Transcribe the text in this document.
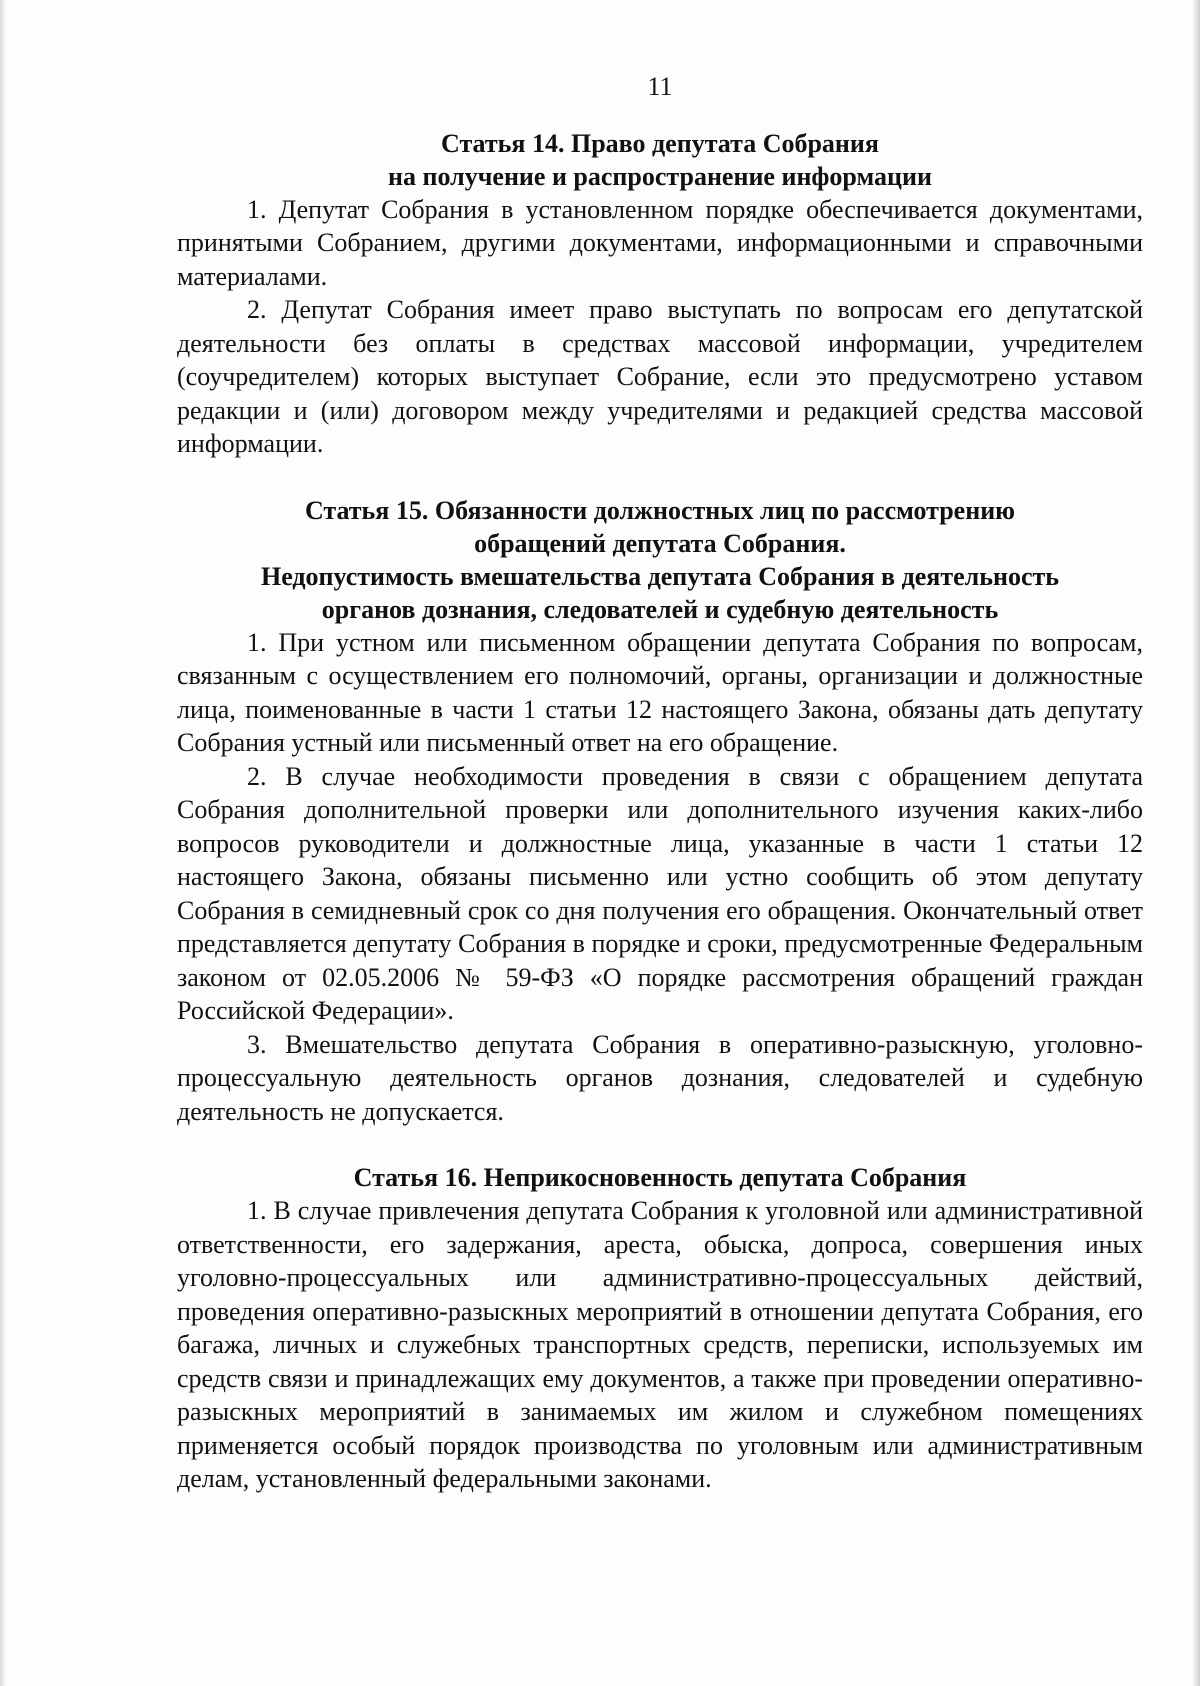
11

Статья 14. Право депутата Собрания

на получение и распространение информации

1. Депутат Собрания в установленном порядке обеспечивается документами, принятыми Собранием, другими документами, информационными и справочными материалами.

2. Депутат Собрания имеет право выступать по вопросам его депутатской деятельности без оплаты в средствах массовой информации, учредителем (соучредителем) которых выступает Собрание, если это предусмотрено уставом редакции и (или) договором между учредителями и редакцией средства массовой информации.

Статья 15. Обязанности должностных лиц по рассмотрению

обращений депутата Собрания.

Недопустимость вмешательства депутата Собрания в деятельность

органов дознания, следователей и судебную деятельность

1. При устном или письменном обращении депутата Собрания по вопросам, связанным с осуществлением его полномочий, органы, организации и должностные лица, поименованные в части 1 статьи 12 настоящего Закона, обязаны дать депутату Собрания устный или письменный ответ на его обращение.

2. В случае необходимости проведения в связи с обращением депутата Собрания дополнительной проверки или дополнительного изучения каких-либо вопросов руководители и должностные лица, указанные в части 1 статьи 12 настоящего Закона, обязаны письменно или устно сообщить об этом депутату Собрания в семидневный срок со дня получения его обращения. Окончательный ответ представляется депутату Собрания в порядке и сроки, предусмотренные Федеральным законом от 02.05.2006 № 59-ФЗ «О порядке рассмотрения обращений граждан Российской Федерации».

3. Вмешательство депутата Собрания в оперативно-разыскную, уголовно-процессуальную деятельность органов дознания, следователей и судебную деятельность не допускается.

Статья 16. Неприкосновенность депутата Собрания

1. В случае привлечения депутата Собрания к уголовной или административной ответственности, его задержания, ареста, обыска, допроса, совершения иных уголовно-процессуальных или административно-процессуальных действий, проведения оперативно-разыскных мероприятий в отношении депутата Собрания, его багажа, личных и служебных транспортных средств, переписки, используемых им средств связи и принадлежащих ему документов, а также при проведении оперативно-разыскных мероприятий в занимаемых им жилом и служебном помещениях применяется особый порядок производства по уголовным или административным делам, установленный федеральными законами.
